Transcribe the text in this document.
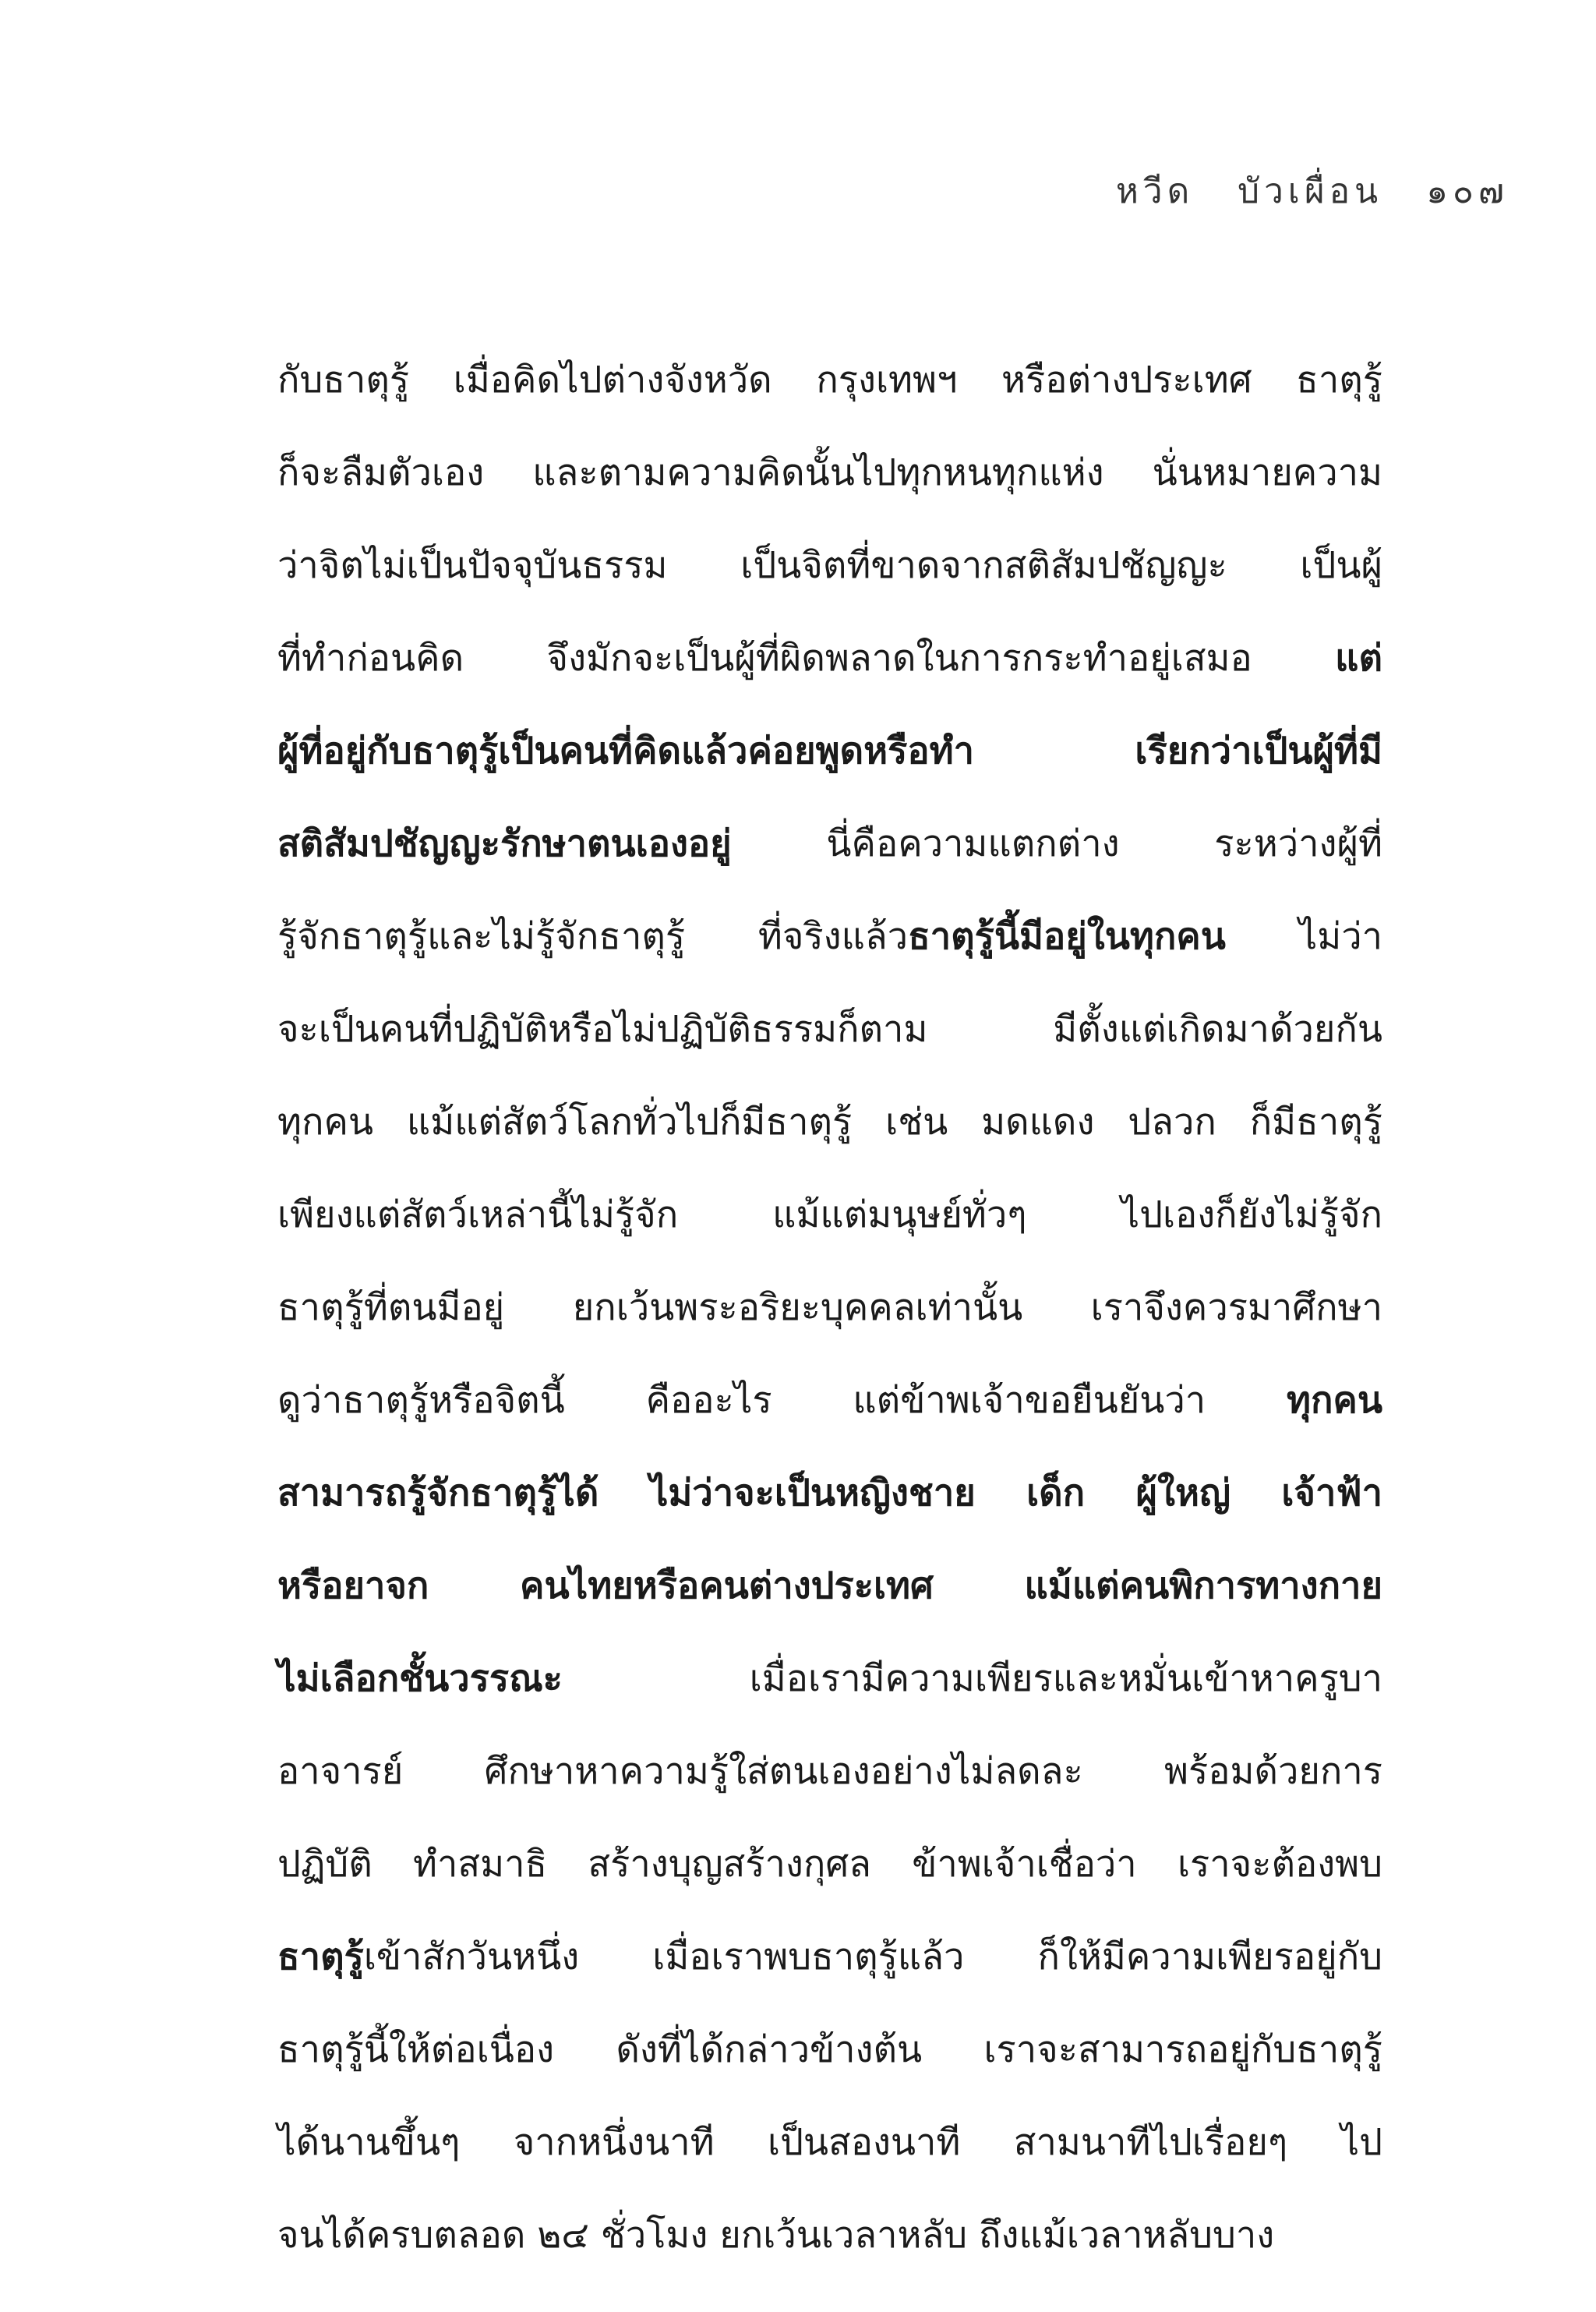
หวีด บัวเผื่อน ๑๐๗
กับธาตุรู้ เมื่อคิดไปต่างจังหวัด กรุงเทพฯ หรือต่างประเทศ ธาตุรู้
ก็จะลืมตัวเอง และตามความคิดนั้นไปทุกหนทุกแห่ง นั่นหมายความ
ว่าจิตไม่เป็นปัจจุบันธรรม เป็นจิตที่ขาดจากสติสัมปชัญญะ เป็นผู้
ที่ทำก่อนคิด จึงมักจะเป็นผู้ที่ผิดพลาดในการกระทำอยู่เสมอ แต่
ผู้ที่อยู่กับธาตุรู้เป็นคนที่คิดแล้วค่อยพูดหรือทำ เรียกว่าเป็นผู้ที่มี
สติสัมปชัญญะรักษาตนเองอยู่ นี่คือความแตกต่าง ระหว่างผู้ที่
รู้จักธาตุรู้และไม่รู้จักธาตุรู้ ที่จริงแล้วธาตุรู้นี้มีอยู่ในทุกคน ไม่ว่า
จะเป็นคนที่ปฏิบัติหรือไม่ปฏิบัติธรรมก็ตาม มีตั้งแต่เกิดมาด้วยกัน
ทุกคน แม้แต่สัตว์โลกทั่วไปก็มีธาตุรู้ เช่น มดแดง ปลวก ก็มีธาตุรู้
เพียงแต่สัตว์เหล่านี้ไม่รู้จัก แม้แต่มนุษย์ทั่วๆ ไปเองก็ยังไม่รู้จัก
ธาตุรู้ที่ตนมีอยู่ ยกเว้นพระอริยะบุคคลเท่านั้น เราจึงควรมาศึกษา
ดูว่าธาตุรู้หรือจิตนี้ คืออะไร แต่ข้าพเจ้าขอยืนยันว่า ทุกคน
สามารถรู้จักธาตุรู้ได้ ไม่ว่าจะเป็นหญิงชาย เด็ก ผู้ใหญ่ เจ้าฟ้า
หรือยาจก คนไทยหรือคนต่างประเทศ แม้แต่คนพิการทางกาย
ไม่เลือกชั้นวรรณะ เมื่อเรามีความเพียรและหมั่นเข้าหาครูบา
อาจารย์ ศึกษาหาความรู้ใส่ตนเองอย่างไม่ลดละ พร้อมด้วยการ
ปฏิบัติ ทำสมาธิ สร้างบุญสร้างกุศล ข้าพเจ้าเชื่อว่า เราจะต้องพบ
ธาตุรู้เข้าสักวันหนึ่ง เมื่อเราพบธาตุรู้แล้ว ก็ให้มีความเพียรอยู่กับ
ธาตุรู้นี้ให้ต่อเนื่อง ดังที่ได้กล่าวข้างต้น เราจะสามารถอยู่กับธาตุรู้
ได้นานขึ้นๆ จากหนึ่งนาที เป็นสองนาที สามนาทีไปเรื่อยๆ ไป
จนได้ครบตลอด ๒๔ ชั่วโมง ยกเว้นเวลาหลับ ถึงแม้เวลาหลับบาง
